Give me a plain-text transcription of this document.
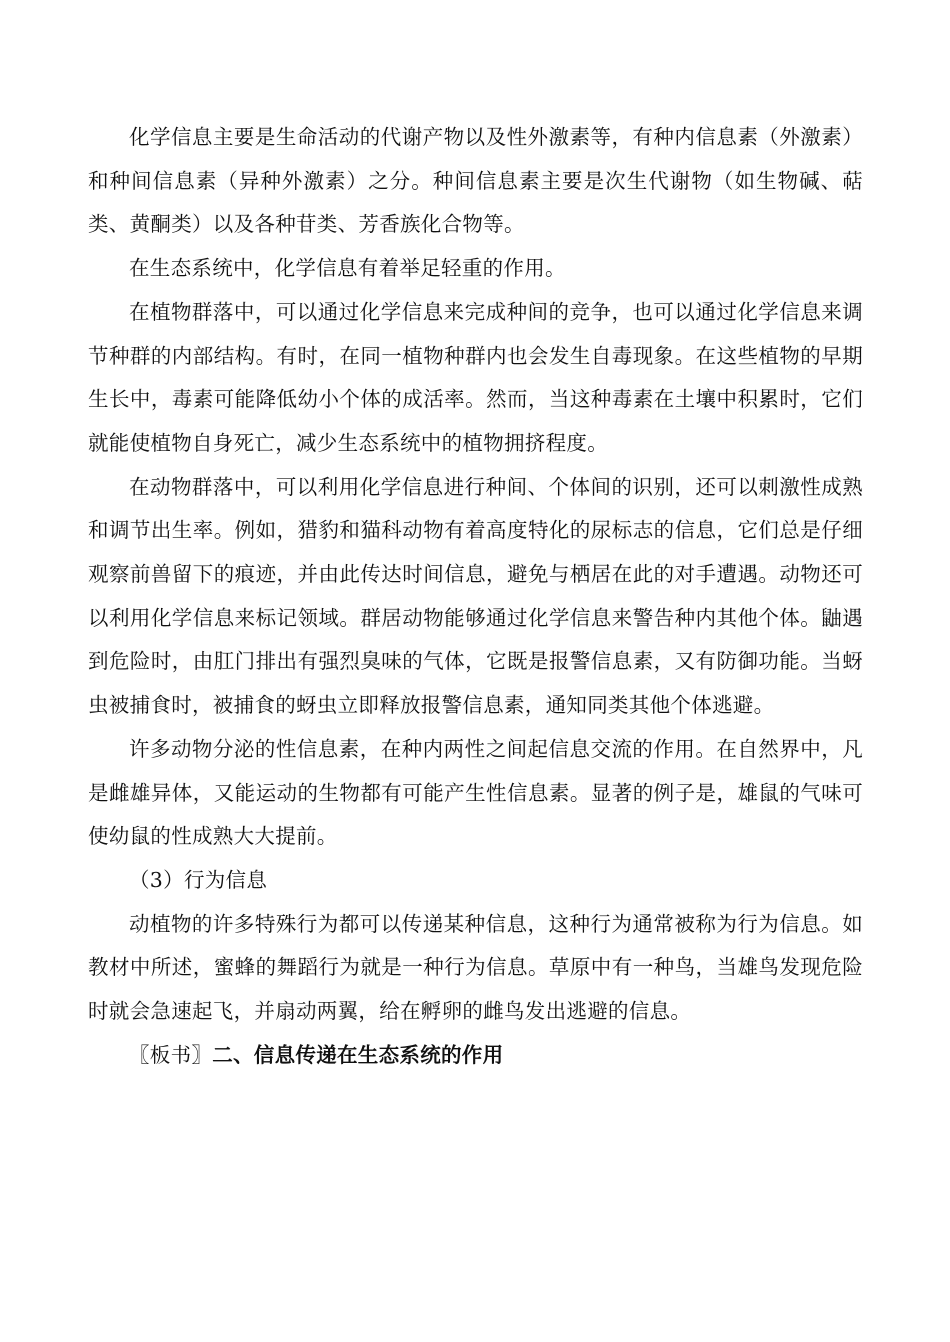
化学信息主要是生命活动的代谢产物以及性外激素等，有种内信息素（外激素）和种间信息素（异种外激素）之分。种间信息素主要是次生代谢物（如生物碱、萜类、黄酮类）以及各种苷类、芳香族化合物等。

在生态系统中，化学信息有着举足轻重的作用。

在植物群落中，可以通过化学信息来完成种间的竞争，也可以通过化学信息来调节种群的内部结构。有时，在同一植物种群内也会发生自毒现象。在这些植物的早期生长中，毒素可能降低幼小个体的成活率。然而，当这种毒素在土壤中积累时，它们就能使植物自身死亡，减少生态系统中的植物拥挤程度。

在动物群落中，可以利用化学信息进行种间、个体间的识别，还可以刺激性成熟和调节出生率。例如，猎豹和猫科动物有着高度特化的尿标志的信息，它们总是仔细观察前兽留下的痕迹，并由此传达时间信息，避免与栖居在此的对手遭遇。动物还可以利用化学信息来标记领域。群居动物能够通过化学信息来警告种内其他个体。鼬遇到危险时，由肛门排出有强烈臭味的气体，它既是报警信息素，又有防御功能。当蚜虫被捕食时，被捕食的蚜虫立即释放报警信息素，通知同类其他个体逃避。

许多动物分泌的性信息素，在种内两性之间起信息交流的作用。在自然界中，凡是雌雄异体，又能运动的生物都有可能产生性信息素。显著的例子是，雄鼠的气味可使幼鼠的性成熟大大提前。

（3）行为信息

动植物的许多特殊行为都可以传递某种信息，这种行为通常被称为行为信息。如教材中所述，蜜蜂的舞蹈行为就是一种行为信息。草原中有一种鸟，当雄鸟发现危险时就会急速起飞，并扇动两翼，给在孵卵的雌鸟发出逃避的信息。

〖板书〗二、信息传递在生态系统的作用
